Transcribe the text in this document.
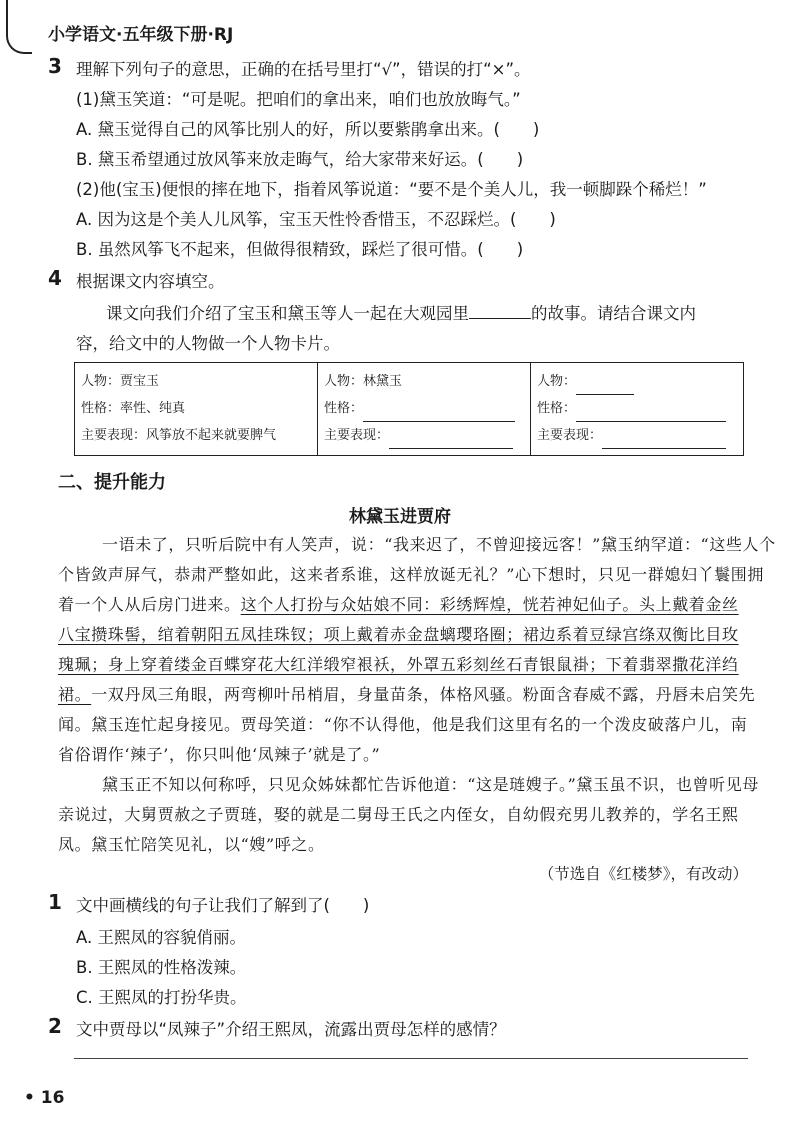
小学语文·五年级下册·RJ
3 理解下列句子的意思，正确的在括号里打“√”，错误的打“×”。
(1)黛玉笑道：“可是呢。把咱们的拿出来，咱们也放放晦气。”
A. 黛玉觉得自己的风筝比别人的好，所以要紫鹃拿出来。(　　)
B. 黛玉希望通过放风筝来放走晦气，给大家带来好运。(　　)
(2)他(宝玉)便恨的摔在地下，指着风筝说道：“要不是个美人儿，我一顿脚跺个稀烂！”
A. 因为这是个美人儿风筝，宝玉天性怜香惜玉，不忍踩烂。(　　)
B. 虽然风筝飞不起来，但做得很精致，踩烂了很可惜。(　　)
4 根据课文内容填空。
课文向我们介绍了宝玉和黛玉等人一起在大观园里	的故事。请结合课文内
容，给文中的人物做一个人物卡片。
人物：贾宝玉
性格：率性、纯真
主要表现：风筝放不起来就要脾气

人物：林黛玉
性格：
主要表现：

人物：
性格：
主要表现：
二、提升能力
林黛玉进贾府
一语未了，只听后院中有人笑声，说：“我来迟了，不曾迎接远客！”黛玉纳罕道：“这些人个
个皆敛声屏气，恭肃严整如此，这来者系谁，这样放诞无礼？”心下想时，只见一群媳妇丫鬟围拥
着一个人从后房门进来。这个人打扮与众姑娘不同：彩绣辉煌，恍若神妃仙子。头上戴着金丝
八宝攒珠髻，绾着朝阳五凤挂珠钗；项上戴着赤金盘螭璎珞圈；裙边系着豆绿宫绦双衡比目玫
瑰珮；身上穿着缕金百蝶穿花大红洋缎窄裉袄，外罩五彩刻丝石青银鼠褂；下着翡翠撒花洋绉
裙。一双丹凤三角眼，两弯柳叶吊梢眉，身量苗条，体格风骚。粉面含春威不露，丹唇未启笑先
闻。黛玉连忙起身接见。贾母笑道：“你不认得他，他是我们这里有名的一个泼皮破落户儿，南
省俗谓作‘辣子’，你只叫他‘凤辣子’就是了。”
黛玉正不知以何称呼，只见众姊妹都忙告诉他道：“这是琏嫂子。”黛玉虽不识，也曾听见母
亲说过，大舅贾赦之子贾琏，娶的就是二舅母王氏之内侄女，自幼假充男儿教养的，学名王熙
凤。黛玉忙陪笑见礼，以“嫂”呼之。
（节选自《红楼梦》，有改动）
1 文中画横线的句子让我们了解到了(　　)
A. 王熙凤的容貌俏丽。
B. 王熙凤的性格泼辣。
C. 王熙凤的打扮华贵。
2 文中贾母以“凤辣子”介绍王熙凤，流露出贾母怎样的感情？
• 16
